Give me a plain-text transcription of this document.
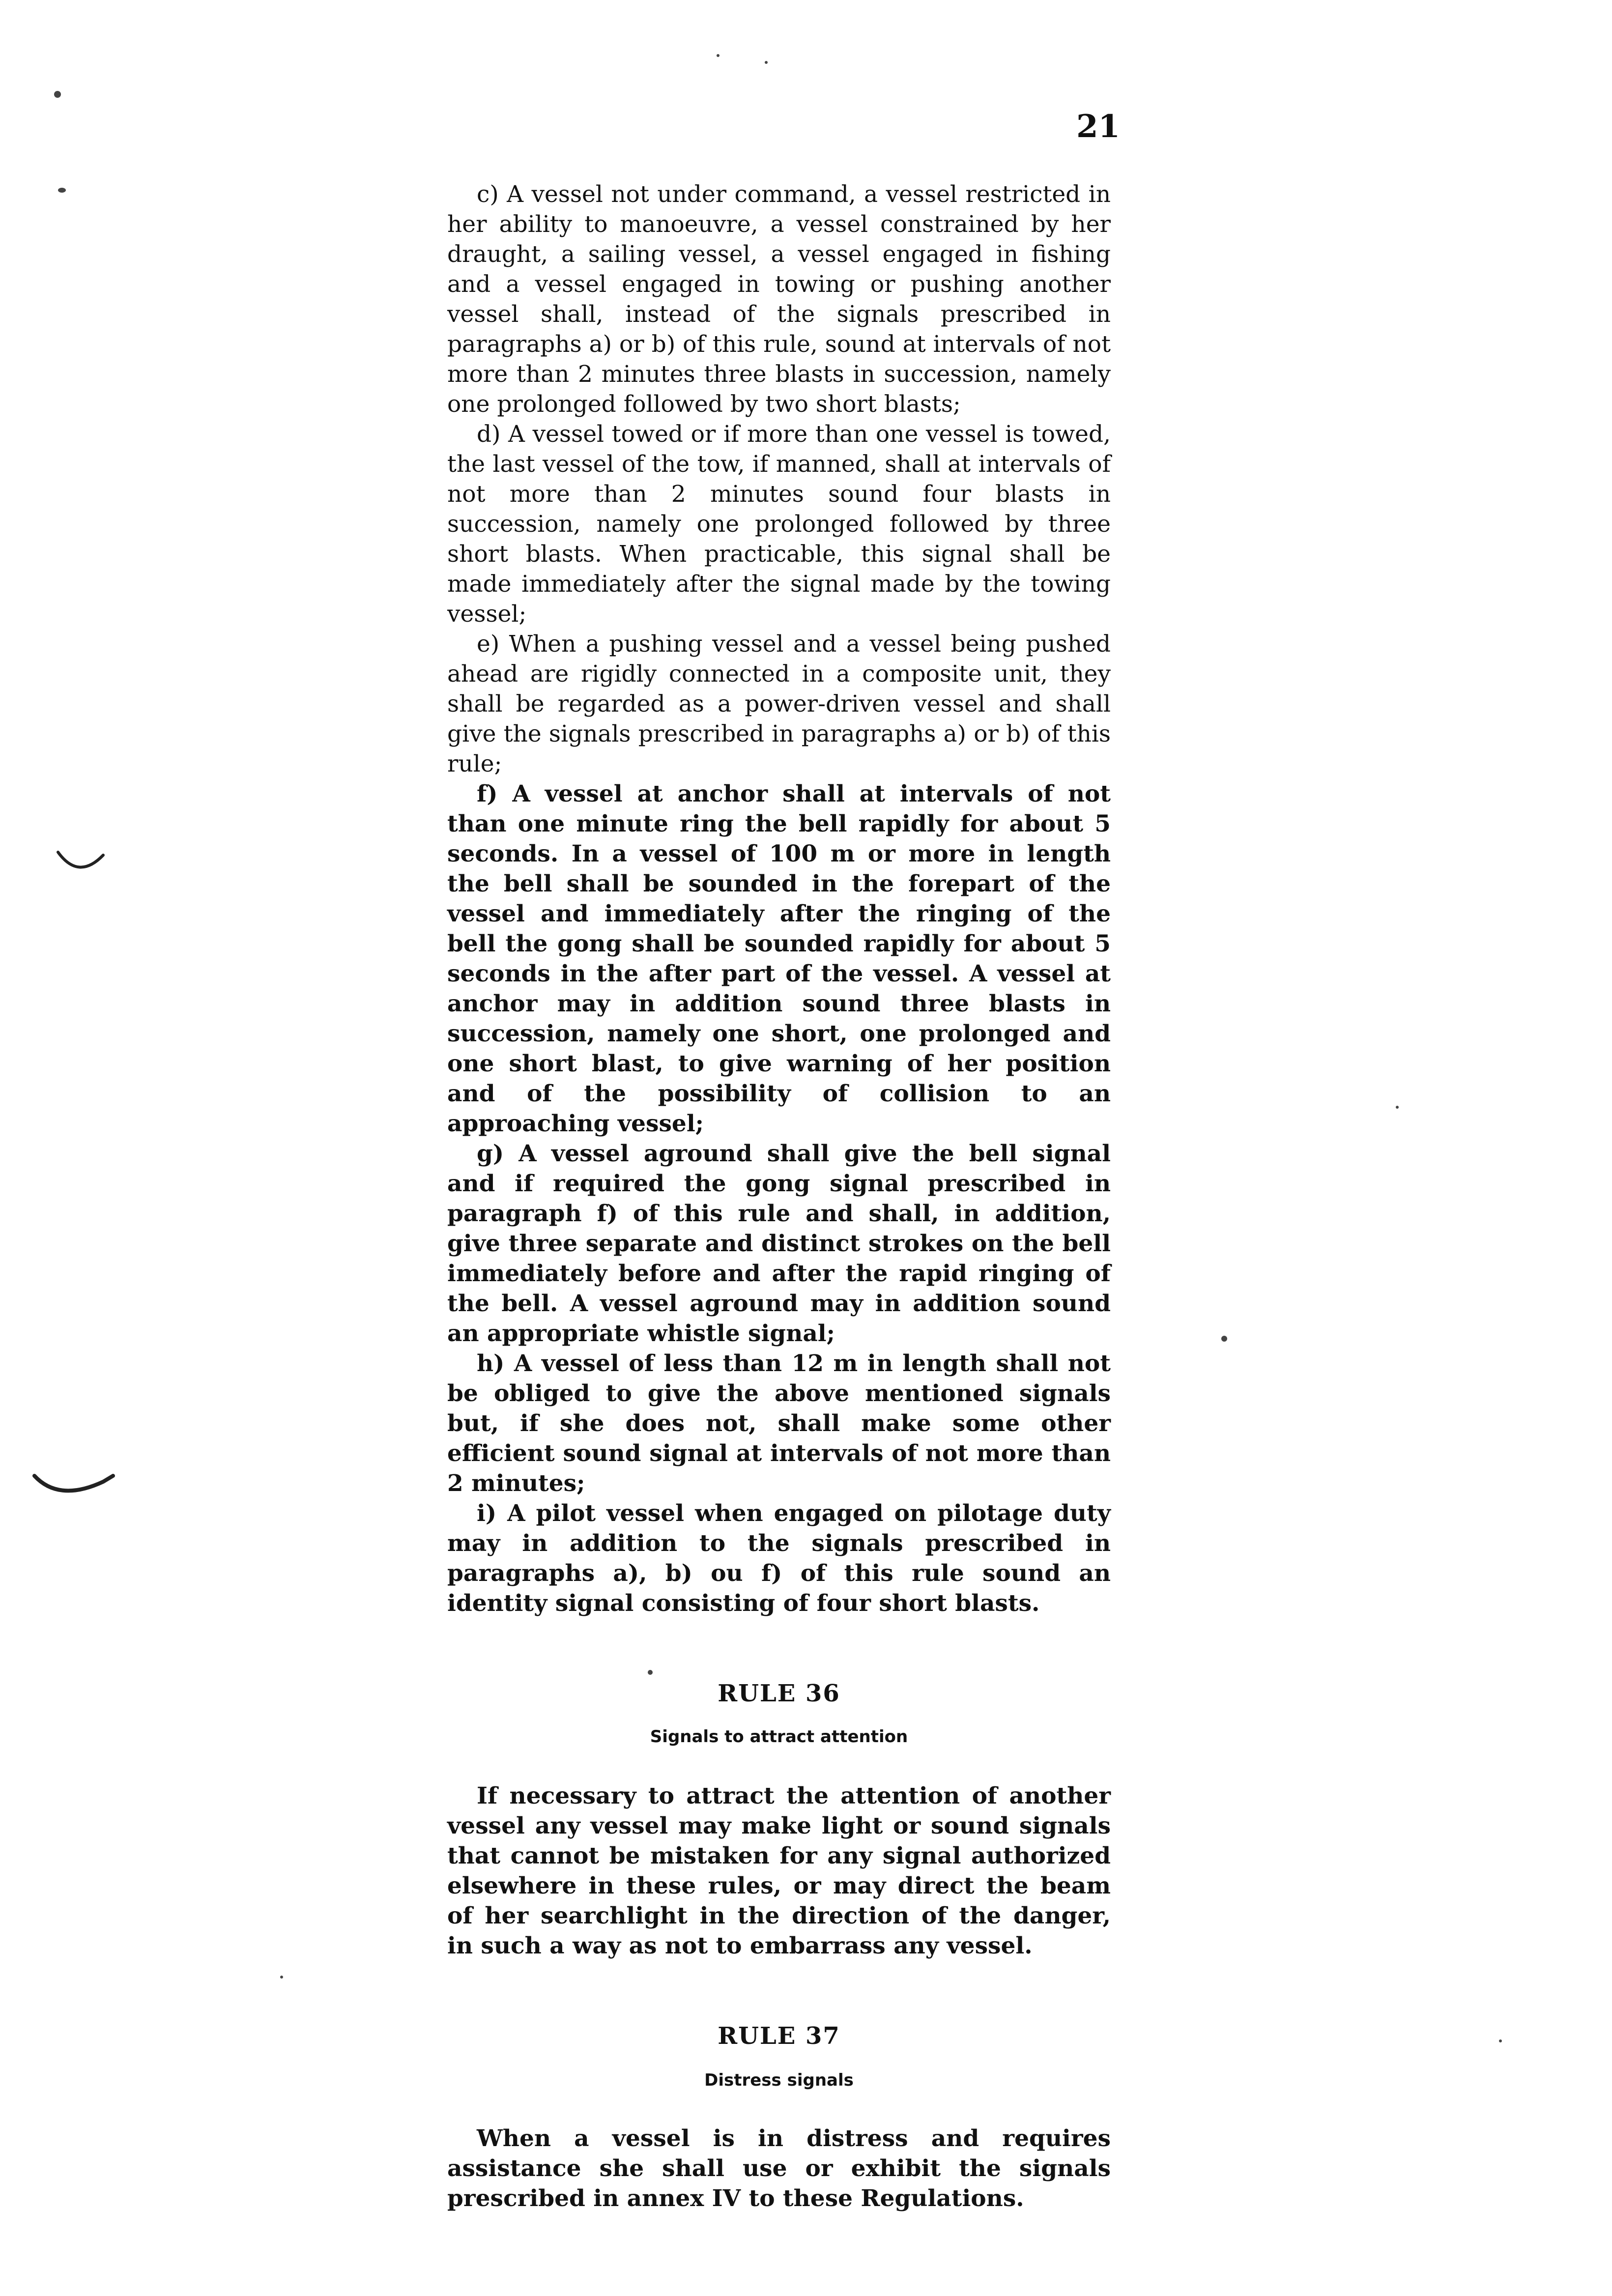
21

c) A vessel not under command, a vessel restricted in her ability to manoeuvre, a vessel constrained by her draught, a sailing vessel, a vessel engaged in fishing and a vessel engaged in towing or pushing another vessel shall, instead of the signals prescribed in paragraphs a) or b) of this rule, sound at intervals of not more than 2 minutes three blasts in succession, namely one prolonged followed by two short blasts;

d) A vessel towed or if more than one vessel is towed, the last vessel of the tow, if manned, shall at intervals of not more than 2 minutes sound four blasts in succession, namely one prolonged followed by three short blasts. When practicable, this signal shall be made immediately after the signal made by the towing vessel;

e) When a pushing vessel and a vessel being pushed ahead are rigidly connected in a composite unit, they shall be regarded as a power-driven vessel and shall give the signals prescribed in paragraphs a) or b) of this rule;

f) A vessel at anchor shall at intervals of not than one minute ring the bell rapidly for about 5 seconds. In a vessel of 100 m or more in length the bell shall be sounded in the forepart of the vessel and immediately after the ringing of the bell the gong shall be sounded rapidly for about 5 seconds in the after part of the vessel. A vessel at anchor may in addition sound three blasts in succession, namely one short, one prolonged and one short blast, to give warning of her position and of the possibility of collision to an approaching vessel;

g) A vessel aground shall give the bell signal and if required the gong signal prescribed in paragraph f) of this rule and shall, in addition, give three separate and distinct strokes on the bell immediately before and after the rapid ringing of the bell. A vessel aground may in addition sound an appropriate whistle signal;

h) A vessel of less than 12 m in length shall not be obliged to give the above mentioned signals but, if she does not, shall make some other efficient sound signal at intervals of not more than 2 minutes;

i) A pilot vessel when engaged on pilotage duty may in addition to the signals prescribed in paragraphs a), b) ou f) of this rule sound an identity signal consisting of four short blasts.

RULE 36

Signals to attract attention

If necessary to attract the attention of another vessel any vessel may make light or sound signals that cannot be mistaken for any signal authorized elsewhere in these rules, or may direct the beam of her searchlight in the direction of the danger, in such a way as not to embarrass any vessel.

RULE 37

Distress signals

When a vessel is in distress and requires assistance she shall use or exhibit the signals prescribed in annex IV to these Regulations.
